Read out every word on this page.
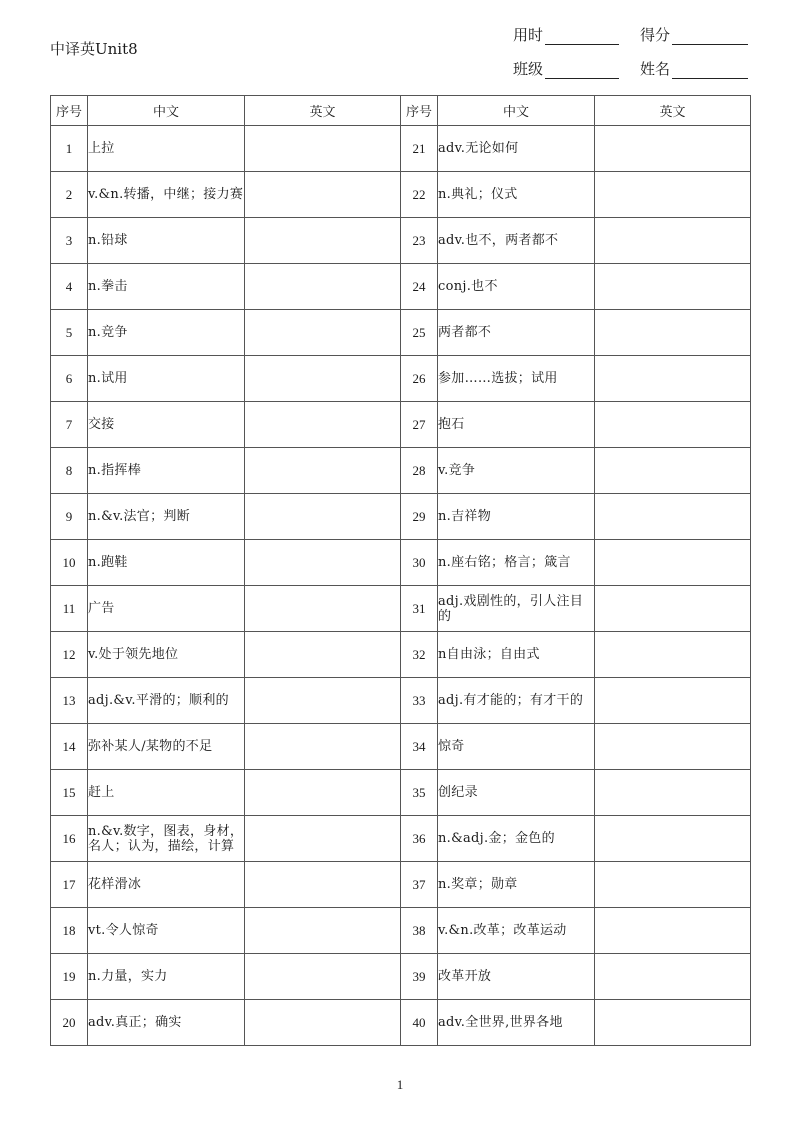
中译英Unit8
用时	得分
班级	姓名
序号	中文	英文	序号	中文	英文
1	上拉		21	adv.无论如何	
2	v.&n.转播，中继；接力赛		22	n.典礼；仪式	
3	n.铅球		23	adv.也不，两者都不	
4	n.拳击		24	conj.也不	
5	n.竞争		25	两者都不	
6	n.试用		26	参加……选拔；试用	
7	交接		27	抱石	
8	n.指挥棒		28	v.竞争	
9	n.&v.法官；判断		29	n.吉祥物	
10	n.跑鞋		30	n.座右铭；格言；箴言	
11	广告		31	adj.戏剧性的，引人注目的	
12	v.处于领先地位		32	n自由泳；自由式	
13	adj.&v.平滑的；顺利的		33	adj.有才能的；有才干的	
14	弥补某人/某物的不足		34	惊奇	
15	赶上		35	创纪录	
16	n.&v.数字，图表，身材，名人；认为，描绘，计算		36	n.&adj.金；金色的	
17	花样滑冰		37	n.奖章；勋章	
18	vt.令人惊奇		38	v.&n.改革；改革运动	
19	n.力量，实力		39	改革开放	
20	adv.真正；确实		40	adv.全世界,世界各地	
1
